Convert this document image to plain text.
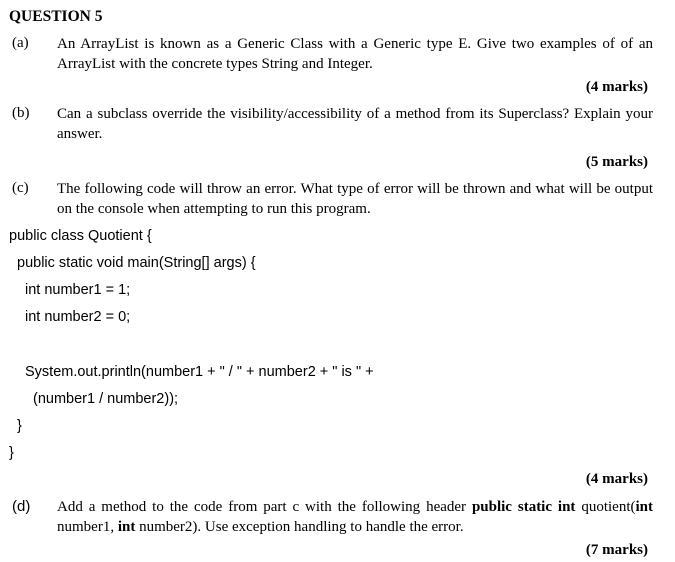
QUESTION 5
(a) An ArrayList is known as a Generic Class with a Generic type E. Give two examples of of an ArrayList with the concrete types String and Integer.
(4 marks)
(b) Can a subclass override the visibility/accessibility of a method from its Superclass? Explain your answer.
(5 marks)
(c) The following code will throw an error. What type of error will be thrown and what will be output on the console when attempting to run this program.
public class Quotient {
public static void main(String[] args) {
int number1 = 1;
int number2 = 0;
System.out.println(number1 + " / " + number2 + " is " +
(number1 / number2));
}
}
(4 marks)
(d) Add a method to the code from part c with the following header public static int quotient(int number1, int number2). Use exception handling to handle the error.
(7 marks)
